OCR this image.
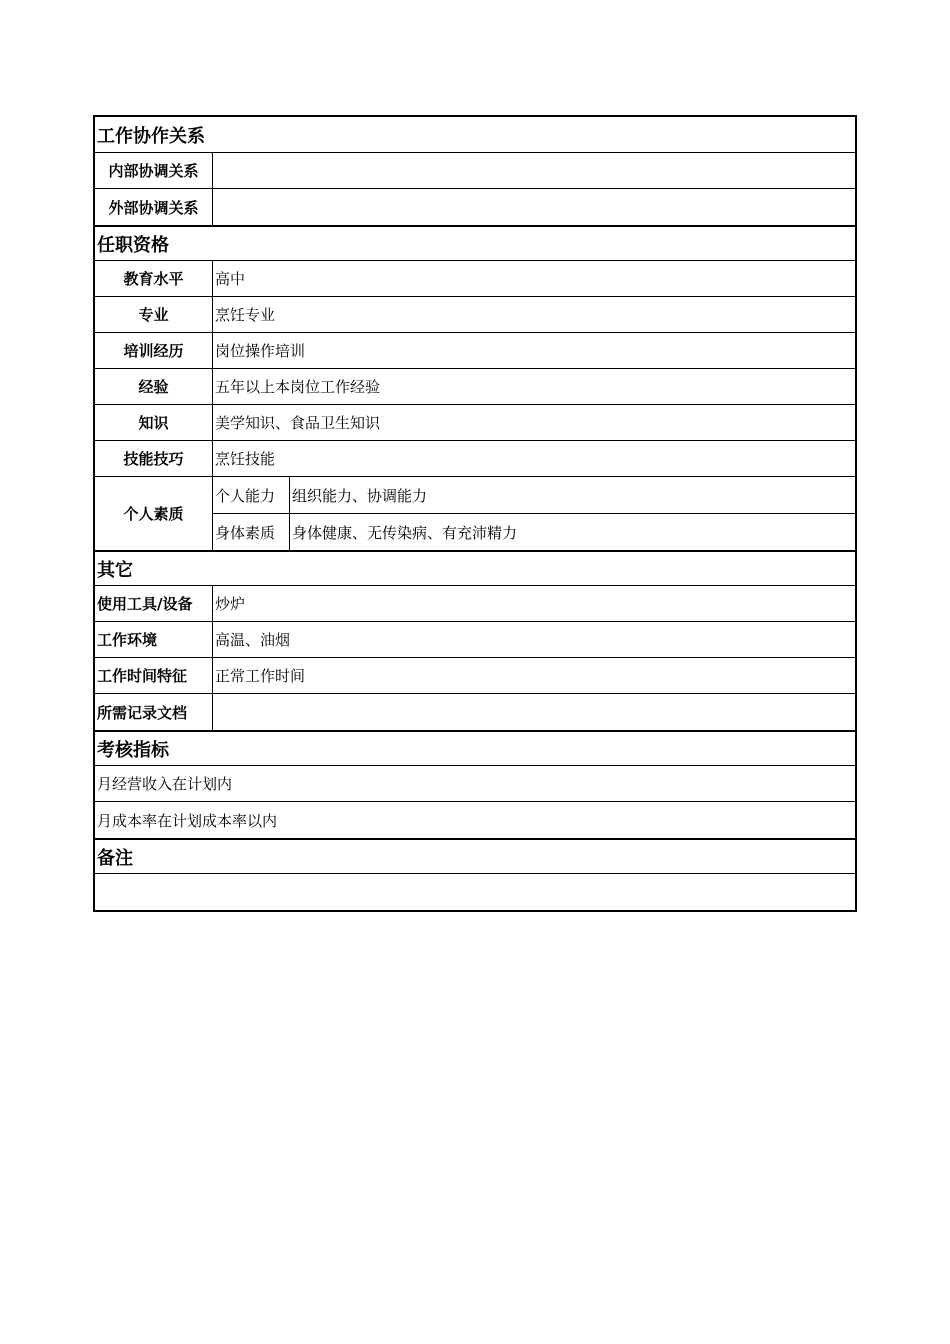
工作协作关系
内部协调关系
外部协调关系
任职资格
教育水平	高中
专业	烹饪专业
培训经历	岗位操作培训
经验	五年以上本岗位工作经验
知识	美学知识、食品卫生知识
技能技巧	烹饪技能
个人素质
个人能力	组织能力、协调能力
身体素质	身体健康、无传染病、有充沛精力
其它
使用工具/设备	炒炉
工作环境	高温、油烟
工作时间特征	正常工作时间
所需记录文档
考核指标
月经营收入在计划内
月成本率在计划成本率以内
备注
